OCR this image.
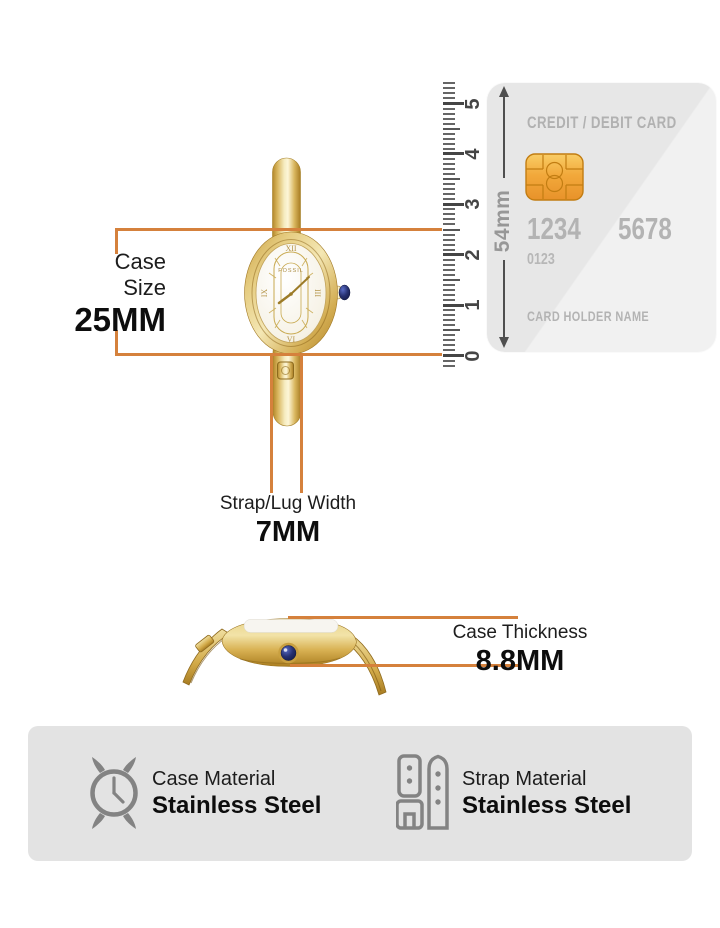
XII
III
VI
IX
FOSSIL
0
1
2
3
4
5
CREDIT / DEBIT CARD
1234	5678
0123
CARD HOLDER NAME
54mm
Case
Size
25MM
Strap/Lug Width
7MM
Case Thickness
8.8MM
Case Material
Stainless Steel
Strap Material
Stainless Steel
